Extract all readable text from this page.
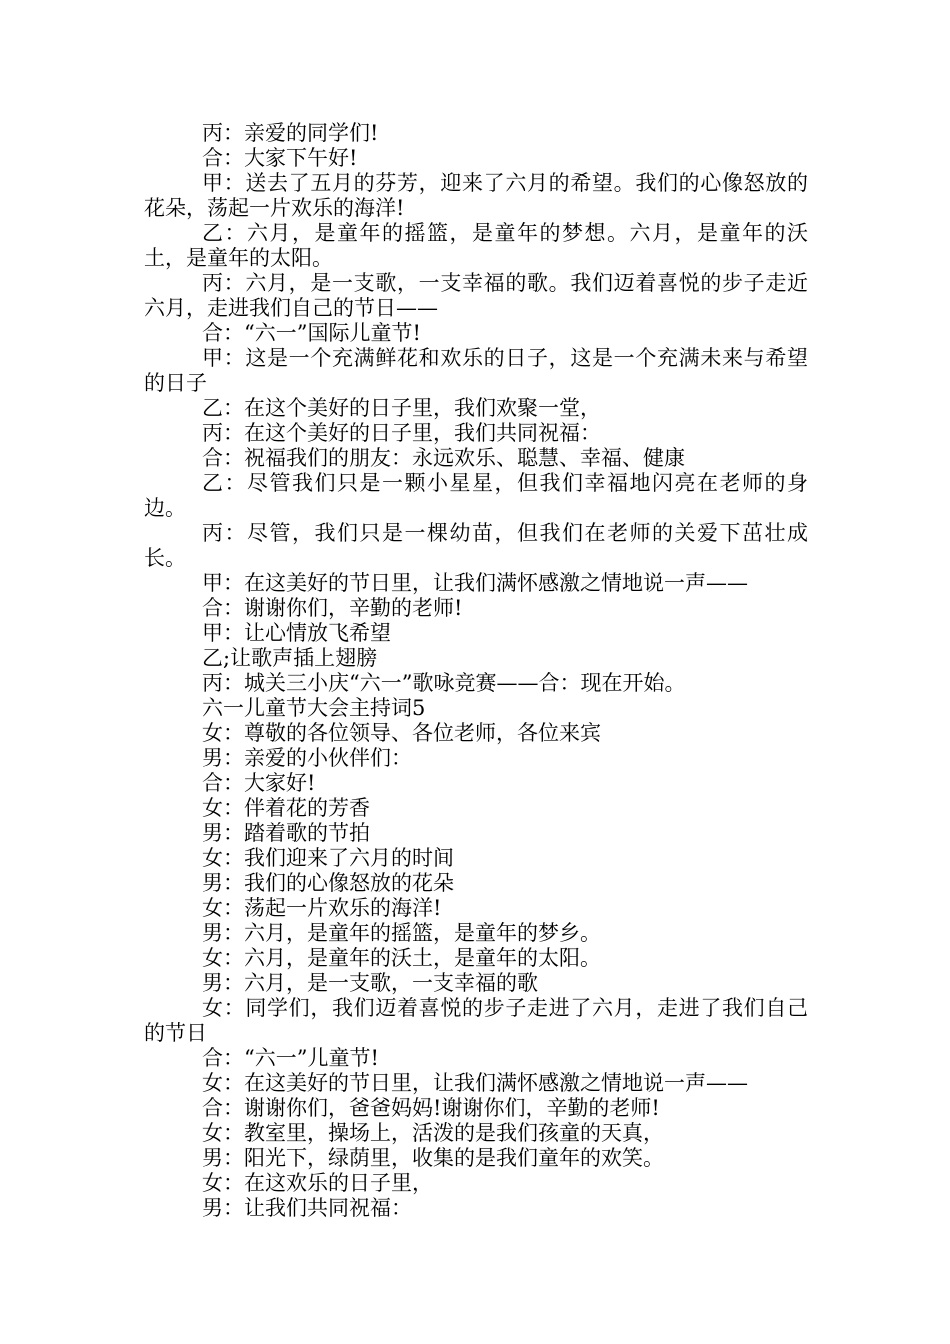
丙：亲爱的同学们!

合：大家下午好!

甲：送去了五月的芬芳，迎来了六月的希望。我们的心像怒放的花朵，荡起一片欢乐的海洋!

乙：六月，是童年的摇篮，是童年的梦想。六月，是童年的沃土，是童年的太阳。

丙：六月，是一支歌，一支幸福的歌。我们迈着喜悦的步子走近六月，走进我们自己的节日——

合：“六一”国际儿童节!

甲：这是一个充满鲜花和欢乐的日子，这是一个充满未来与希望的日子

乙：在这个美好的日子里，我们欢聚一堂，

丙：在这个美好的日子里，我们共同祝福：

合：祝福我们的朋友：永远欢乐、聪慧、幸福、健康

乙：尽管我们只是一颗小星星，但我们幸福地闪亮在老师的身边。

丙：尽管，我们只是一棵幼苗，但我们在老师的关爱下茁壮成长。

甲：在这美好的节日里，让我们满怀感激之情地说一声——

合：谢谢你们，辛勤的老师!

甲：让心情放飞希望

乙;让歌声插上翅膀

丙：城关三小庆“六一”歌咏竞赛——合：现在开始。

六一儿童节大会主持词5

女：尊敬的各位领导、各位老师，各位来宾

男：亲爱的小伙伴们：

合：大家好!

女：伴着花的芳香

男：踏着歌的节拍

女：我们迎来了六月的时间

男：我们的心像怒放的花朵

女：荡起一片欢乐的海洋!

男：六月，是童年的摇篮，是童年的梦乡。

女：六月，是童年的沃土，是童年的太阳。

男：六月，是一支歌，一支幸福的歌

女：同学们，我们迈着喜悦的步子走进了六月，走进了我们自己的节日

合：“六一”儿童节!

女：在这美好的节日里，让我们满怀感激之情地说一声——

合：谢谢你们，爸爸妈妈!谢谢你们，辛勤的老师!

女：教室里，操场上，活泼的是我们孩童的天真，

男：阳光下，绿荫里，收集的是我们童年的欢笑。

女：在这欢乐的日子里，

男：让我们共同祝福：
